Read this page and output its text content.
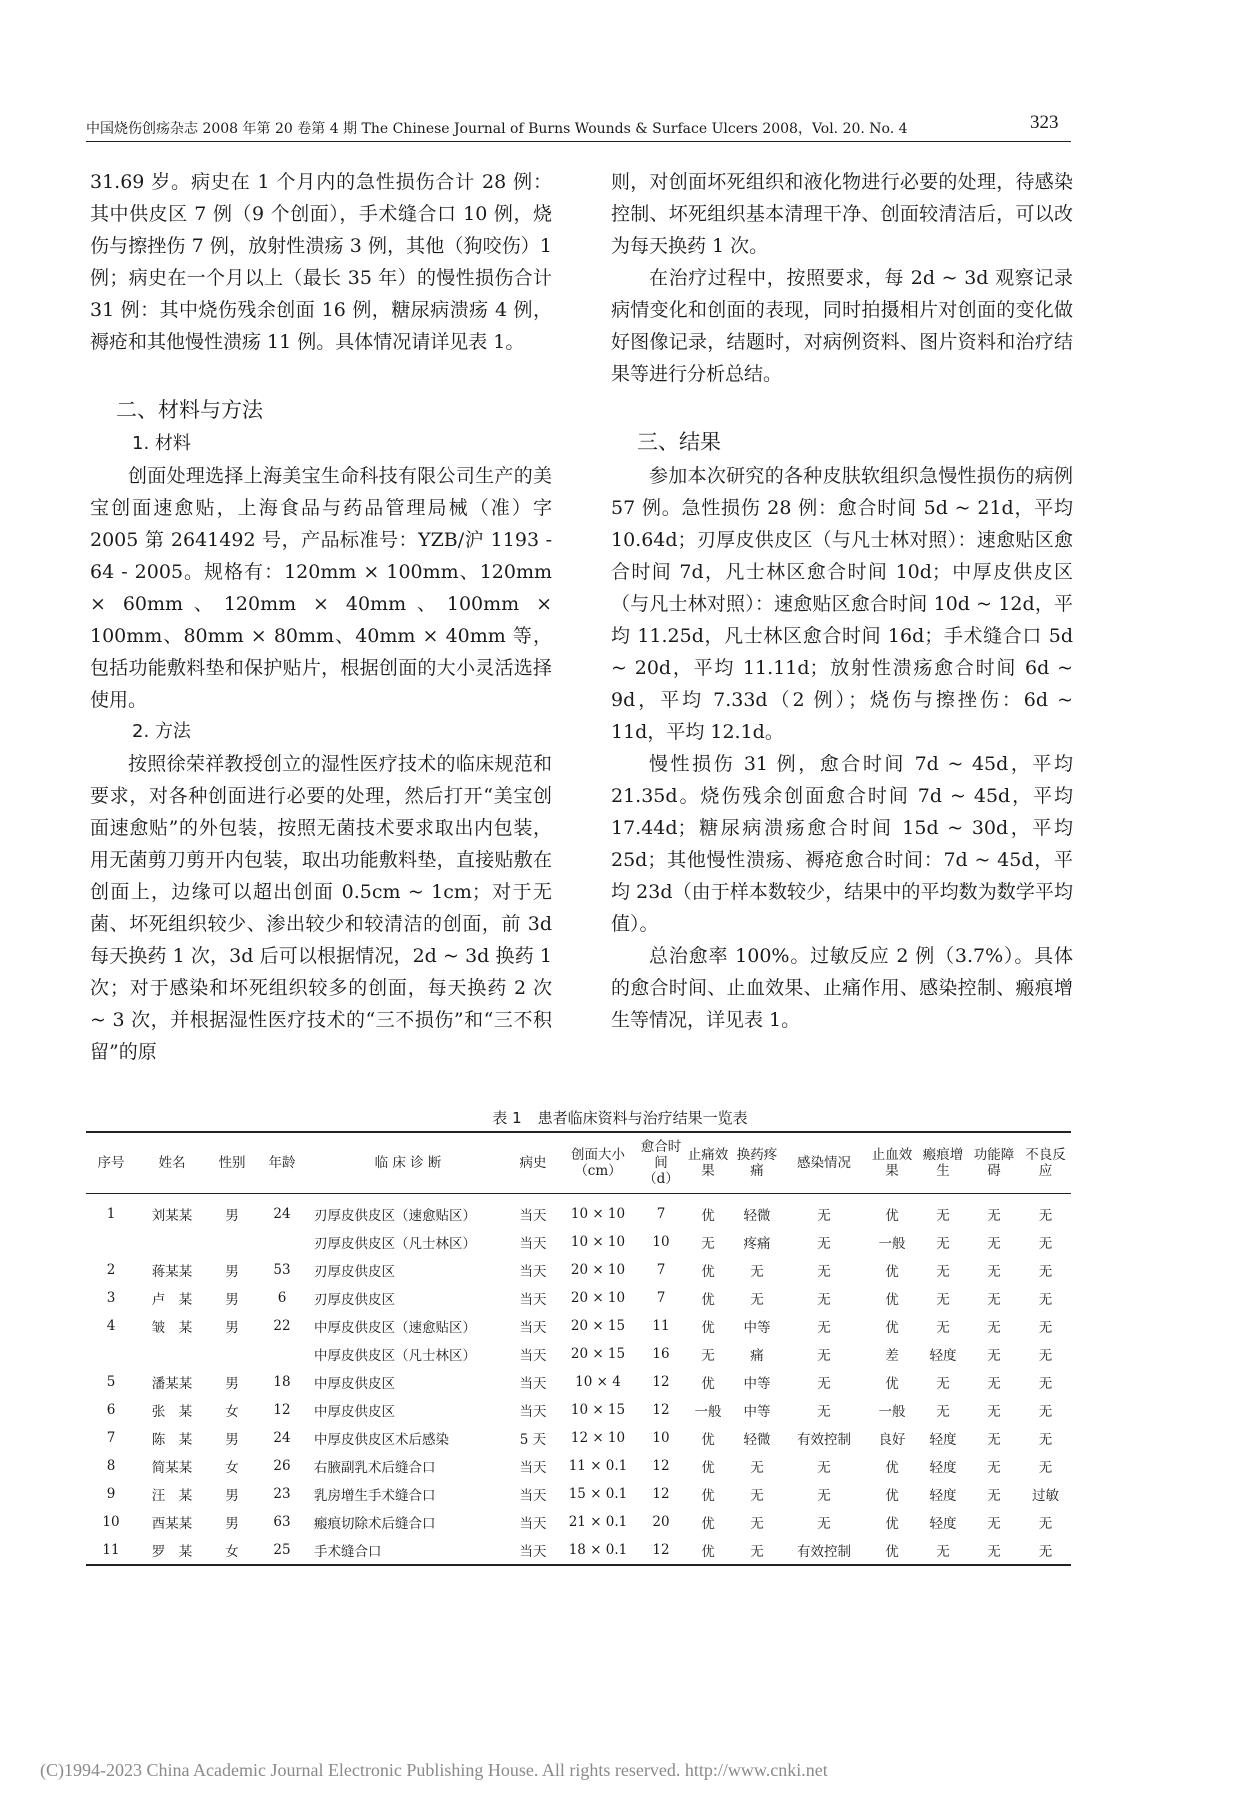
中国烧伤创疡杂志 2008 年第 20 卷第 4 期 The Chinese Journal of Burns Wounds & Surface Ulcers 2008，Vol. 20. No. 4	323

31.69 岁。病史在 1 个月内的急性损伤合计 28 例：其中供皮区 7 例（9 个创面），手术缝合口 10 例，烧伤与擦挫伤 7 例，放射性溃疡 3 例，其他（狗咬伤）1 例；病史在一个月以上（最长 35 年）的慢性损伤合计 31 例：其中烧伤残余创面 16 例，糖尿病溃疡 4 例，褥疮和其他慢性溃疡 11 例。具体情况请详见表 1。

二、材料与方法
1. 材料

创面处理选择上海美宝生命科技有限公司生产的美宝创面速愈贴，上海食品与药品管理局械（准）字 2005 第 2641492 号，产品标准号：YZB/沪 1193 - 64 - 2005。规格有：120mm × 100mm、120mm × 60mm、120mm × 40mm、100mm × 100mm、80mm × 80mm、40mm × 40mm 等，包括功能敷料垫和保护贴片，根据创面的大小灵活选择使用。

2. 方法

按照徐荣祥教授创立的湿性医疗技术的临床规范和要求，对各种创面进行必要的处理，然后打开“美宝创面速愈贴”的外包装，按照无菌技术要求取出内包装，用无菌剪刀剪开内包装，取出功能敷料垫，直接贴敷在创面上，边缘可以超出创面 0.5cm ~ 1cm；对于无菌、坏死组织较少、渗出较少和较清洁的创面，前 3d 每天换药 1 次，3d 后可以根据情况，2d ~ 3d 换药 1 次；对于感染和坏死组织较多的创面，每天换药 2 次 ~ 3 次，并根据湿性医疗技术的“三不损伤”和“三不积留”的原

则，对创面坏死组织和液化物进行必要的处理，待感染控制、坏死组织基本清理干净、创面较清洁后，可以改为每天换药 1 次。

在治疗过程中，按照要求，每 2d ~ 3d 观察记录病情变化和创面的表现，同时拍摄相片对创面的变化做好图像记录，结题时，对病例资料、图片资料和治疗结果等进行分析总结。

三、结果

参加本次研究的各种皮肤软组织急慢性损伤的病例 57 例。急性损伤 28 例：愈合时间 5d ~ 21d，平均 10.64d；刃厚皮供皮区（与凡士林对照）：速愈贴区愈合时间 7d，凡士林区愈合时间 10d；中厚皮供皮区（与凡士林对照）：速愈贴区愈合时间 10d ~ 12d，平均 11.25d，凡士林区愈合时间 16d；手术缝合口 5d ~ 20d，平均 11.11d；放射性溃疡愈合时间 6d ~ 9d，平均 7.33d（2 例）；烧伤与擦挫伤：6d ~ 11d，平均 12.1d。

慢性损伤 31 例，愈合时间 7d ~ 45d，平均 21.35d。烧伤残余创面愈合时间 7d ~ 45d，平均 17.44d；糖尿病溃疡愈合时间 15d ~ 30d，平均 25d；其他慢性溃疡、褥疮愈合时间：7d ~ 45d，平均 23d（由于样本数较少，结果中的平均数为数学平均值）。

总治愈率 100%。过敏反应 2 例（3.7%）。具体的愈合时间、止血效果、止痛作用、感染控制、瘢痕增生等情况，详见表 1。

表 1 患者临床资料与治疗结果一览表
序号	姓名	性别	年龄	临 床 诊 断	病史	创面大小（cm）	愈合时间（d）	止痛效果	换药疼痛	感染情况	止血效果	瘢痕增生	功能障碍	不良反应
1	刘某某	男	24	刃厚皮供皮区（速愈贴区）	当天	10 × 10	7	优	轻微	无	优	无	无	无
				刃厚皮供皮区（凡士林区）	当天	10 × 10	10	无	疼痛	无	一般	无	无	无
2	蒋某某	男	53	刃厚皮供皮区	当天	20 × 10	7	优	无	无	优	无	无	无
3	卢　某	男	6	刃厚皮供皮区	当天	20 × 10	7	优	无	无	优	无	无	无
4	皱　某	男	22	中厚皮供皮区（速愈贴区）	当天	20 × 15	11	优	中等	无	优	无	无	无
				中厚皮供皮区（凡士林区）	当天	20 × 15	16	无	痛	无	差	轻度	无	无
5	潘某某	男	18	中厚皮供皮区	当天	10 × 4	12	优	中等	无	优	无	无	无
6	张　某	女	12	中厚皮供皮区	当天	10 × 15	12	一般	中等	无	一般	无	无	无
7	陈　某	男	24	中厚皮供皮区术后感染	5 天	12 × 10	10	优	轻微	有效控制	良好	轻度	无	无
8	简某某	女	26	右腋副乳术后缝合口	当天	11 × 0.1	12	优	无	无	优	轻度	无	无
9	汪　某	男	23	乳房增生手术缝合口	当天	15 × 0.1	12	优	无	无	优	轻度	无	过敏
10	酉某某	男	63	瘢痕切除术后缝合口	当天	21 × 0.1	20	优	无	无	优	轻度	无	无
11	罗　某	女	25	手术缝合口	当天	18 × 0.1	12	优	无	有效控制	优	无	无	无
(C)1994-2023 China Academic Journal Electronic Publishing House. All rights reserved. http://www.cnki.net
